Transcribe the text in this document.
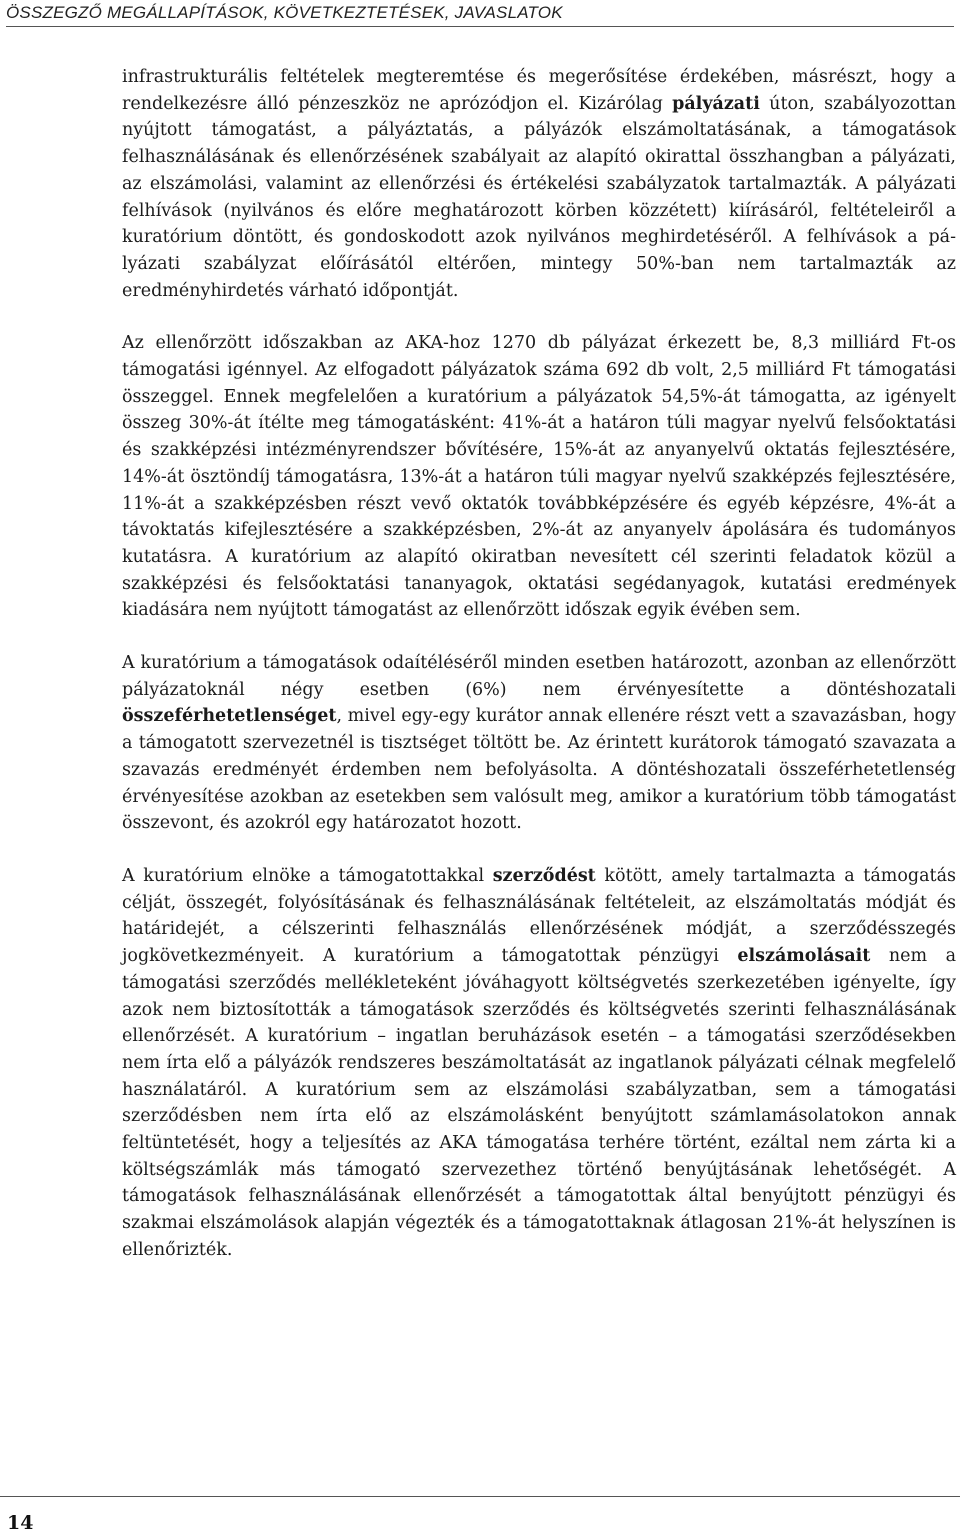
ÖSSZEGZŐ MEGÁLLAPÍTÁSOK, KÖVETKEZTETÉSEK, JAVASLATOK

infrastrukturális feltételek megteremtése és megerősítése érdekében, másrészt, hogy a rendelkezésre álló pénzeszköz ne aprózódjon el. Kizárólag pályázati úton, szabályozottan nyújtott támogatást, a pályáztatás, a pályázók elszámoltatásának, a támogatások felhasználásának és ellenőrzésének szabályait az alapító okirattal összhangban a pályázati, az elszámolási, valamint az ellenőrzési és értékelési szabályzatok tartalmazták. A pályázati felhívások (nyilvános és előre meghatározott körben közzétett) kiírásáról, feltételeiről a kuratórium döntött, és gondoskodott azok nyilvános meghirdetéséről. A felhívások a pályázati szabályzat előírásától eltérően, mintegy 50%-ban nem tartalmazták az eredményhirdetés várható időpontját.

Az ellenőrzött időszakban az AKA-hoz 1270 db pályázat érkezett be, 8,3 milliárd Ft-os támogatási igénnyel. Az elfogadott pályázatok száma 692 db volt, 2,5 milliárd Ft támogatási összeggel. Ennek megfelelően a kuratórium a pályázatok 54,5%-át támogatta, az igényelt összeg 30%-át ítélte meg támogatásként: 41%-át a határon túli magyar nyelvű felsőoktatási és szakképzési intézményrendszer bővítésére, 15%-át az anyanyelvű oktatás fejlesztésére, 14%-át ösztöndíj támogatásra, 13%-át a határon túli magyar nyelvű szakképzés fejlesztésére, 11%-át a szakképzésben részt vevő oktatók továbbképzésére és egyéb képzésre, 4%-át a távoktatás kifejlesztésére a szakképzésben, 2%-át az anyanyelv ápolására és tudományos kutatásra. A kuratórium az alapító okiratban nevesített cél szerinti feladatok közül a szakképzési és felsőoktatási tananyagok, oktatási segédanyagok, kutatási eredmények kiadására nem nyújtott támogatást az ellenőrzött időszak egyik évében sem.

A kuratórium a támogatások odaítéléséről minden esetben határozott, azonban az ellenőrzött pályázatoknál négy esetben (6%) nem érvényesítette a döntéshozatali összeférhetetlenséget, mivel egy-egy kurátor annak ellenére részt vett a szavazásban, hogy a támogatott szervezetnél is tisztséget töltött be. Az érintett kurátorok támogató szavazata a szavazás eredményét érdemben nem befolyásolta. A döntéshozatali összeférhetetlenség érvényesítése azokban az esetekben sem valósult meg, amikor a kuratórium több támogatást összevont, és azokról egy határozatot hozott.

A kuratórium elnöke a támogatottakkal szerződést kötött, amely tartalmazta a támogatás célját, összegét, folyósításának és felhasználásának feltételeit, az elszámoltatás módját és határidejét, a célszerinti felhasználás ellenőrzésének módját, a szerződésszegés jogkövetkezményeit. A kuratórium a támogatottak pénzügyi elszámolásait nem a támogatási szerződés mellékleteként jóváhagyott költségvetés szerkezetében igényelte, így azok nem biztosították a támogatások szerződés és költségvetés szerinti felhasználásának ellenőrzését. A kuratórium – ingatlan beruházások esetén – a támogatási szerződésekben nem írta elő a pályázók rendszeres beszámoltatását az ingatlanok pályázati célnak megfelelő használatáról. A kuratórium sem az elszámolási szabályzatban, sem a támogatási szerződésben nem írta elő az elszámolásként benyújtott számlamásolatokon annak feltüntetését, hogy a teljesítés az AKA támogatása terhére történt, ezáltal nem zárta ki a költségszámlák más támogató szervezethez történő benyújtásának lehetőségét. A támogatások felhasználásának ellenőrzését a támogatottak által benyújtott pénzügyi és szakmai elszámolások alapján végezték és a támogatottaknak átlagosan 21%-át helyszínen is ellenőrizték.

14
